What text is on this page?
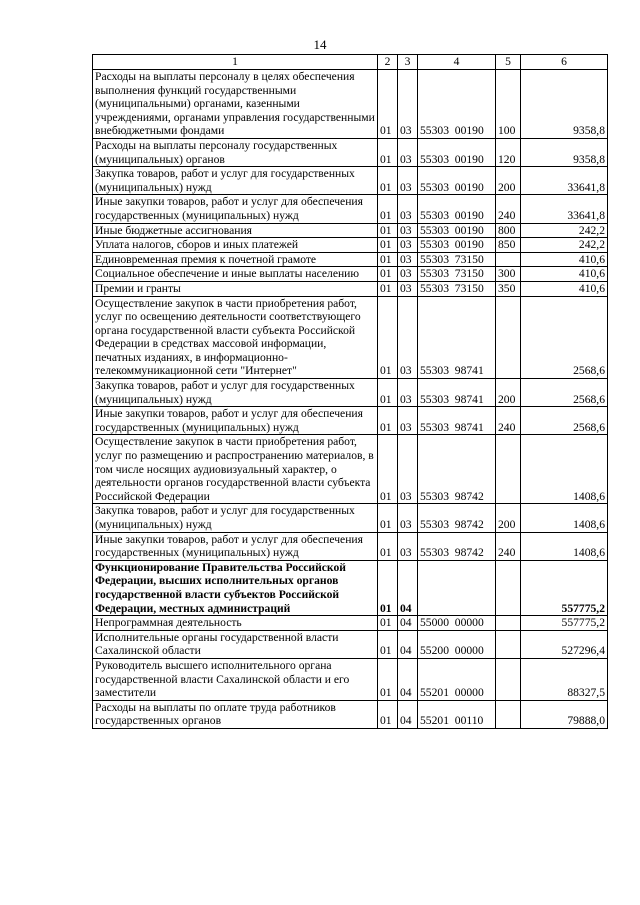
14
1	2	3	4	5	6
Расходы на выплаты персоналу в целях обеспечения выполнения функций государственными (муниципальными) органами, казенными учреждениями, органами управления государственными внебюджетными фондами	01	03	55303  00190	100	9358,8
Расходы на выплаты персоналу государственных (муниципальных) органов	01	03	55303  00190	120	9358,8
Закупка товаров, работ и услуг для государственных (муниципальных) нужд	01	03	55303  00190	200	33641,8
Иные закупки товаров, работ и услуг для обеспечения государственных (муниципальных) нужд	01	03	55303  00190	240	33641,8
Иные бюджетные ассигнования	01	03	55303  00190	800	242,2
Уплата налогов, сборов и иных платежей	01	03	55303  00190	850	242,2
Единовременная премия к почетной грамоте	01	03	55303  73150		410,6
Социальное обеспечение и иные выплаты населению	01	03	55303  73150	300	410,6
Премии и гранты	01	03	55303  73150	350	410,6
Осуществление закупок в части приобретения работ, услуг по освещению деятельности соответствующего органа государственной власти субъекта Российской Федерации в средствах массовой информации, печатных изданиях, в информационно-телекоммуникационной сети "Интернет"	01	03	55303  98741		2568,6
Закупка товаров, работ и услуг для государственных (муниципальных) нужд	01	03	55303  98741	200	2568,6
Иные закупки товаров, работ и услуг для обеспечения государственных (муниципальных) нужд	01	03	55303  98741	240	2568,6
Осуществление закупок в части приобретения работ, услуг по размещению и распространению материалов, в том числе носящих аудиовизуальный характер, о деятельности органов государственной власти субъекта Российской Федерации	01	03	55303  98742		1408,6
Закупка товаров, работ и услуг для государственных (муниципальных) нужд	01	03	55303  98742	200	1408,6
Иные закупки товаров, работ и услуг для обеспечения государственных (муниципальных) нужд	01	03	55303  98742	240	1408,6
Функционирование Правительства Российской Федерации, высших исполнительных органов государственной власти субъектов Российской Федерации, местных администраций	01	04			557775,2
Непрограммная деятельность	01	04	55000  00000		557775,2
Исполнительные органы государственной власти Сахалинской области	01	04	55200  00000		527296,4
Руководитель высшего исполнительного органа государственной власти Сахалинской области и его заместители	01	04	55201  00000		88327,5
Расходы на выплаты по оплате труда работников государственных органов	01	04	55201  00110		79888,0
